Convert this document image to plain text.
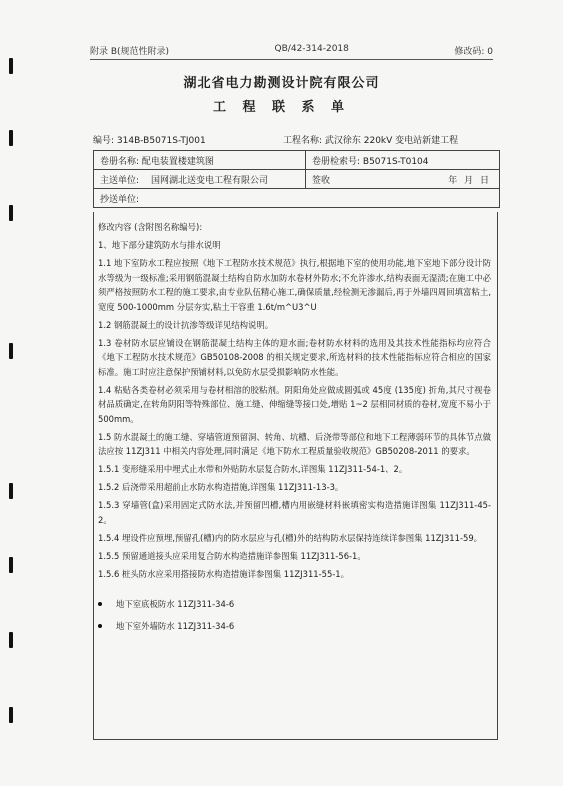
附录 B(规范性附录)	QB/42-314-2018	修改码: 0
湖北省电力勘测设计院有限公司
工 程 联 系 单
编号: 314B-B5071S-TJ001	工程名称: 武汉徐东 220kV 变电站新建工程
卷册名称: 配电装置楼建筑图	卷册检索号: B5071S-T0104
主送单位: 国网湖北送变电工程有限公司	签收	年 月 日
抄送单位:

修改内容 (含附图名称编号):

1、地下部分建筑防水与排水说明

1.1 地下室防水工程应按照《地下工程防水技术规范》执行,根据地下室的使用功能,地下室地下部分设计防水等级为一级标准;采用钢筋混凝土结构自防水加防水卷材外防水;不允许渗水,结构表面无湿渍;在施工中必须严格按照防水工程的施工要求,由专业队伍精心施工,确保质量,经检测无渗漏后,再于外墙四周回填富粘土,宽度 500-1000mm 分层夯实,粘土干容重 1.6t/m^U3^U

1.2 钢筋混凝土的设计抗渗等级详见结构说明。

1.3 卷材防水层应铺设在钢筋混凝土结构主体的迎水面;卷材防水材料的选用及其技术性能指标均应符合《地下工程防水技术规范》GB50108-2008 的相关规定要求,所选材料的技术性能指标应符合相应的国家标准。施工时应注意保护预铺材料,以免防水层受损影响防水性能。

1.4 粘贴各类卷材必须采用与卷材相溶的胶粘剂。阴阳角处应做成圆弧或 45度 (135度) 折角,其尺寸视卷材品质确定,在转角阴阳等特殊部位、施工缝、伸缩缝等接口处,增贴 1~2 层相同材质的卷材,宽度不易小于 500mm。

1.5 防水混凝土的施工缝、穿墙管道预留洞、转角、坑槽、后浇带等部位和地下工程薄弱环节的具体节点做法应按 11ZJ311 中相关内容处理,同时满足《地下防水工程质量验收规范》GB50208-2011 的要求。

1.5.1 变形缝采用中埋式止水带和外贴防水层复合防水,详图集 11ZJ311-54-1、2。

1.5.2 后浇带采用超前止水防水构造措施,详图集 11ZJ311-13-3。

1.5.3 穿墙管(盒)采用固定式防水法,并预留凹槽,槽内用嵌缝材料嵌填密实构造措施详图集 11ZJ311-45-2。

1.5.4 埋设件应预埋,预留孔(槽)内的防水层应与孔(槽)外的结构防水层保持连续详参图集 11ZJ311-59。

1.5.5 预留通道接头应采用复合防水构造措施详参图集 11ZJ311-56-1。

1.5.6 桩头防水应采用搭接防水构造措施详参图集 11ZJ311-55-1。

地下室底板防水 11ZJ311-34-6
地下室外墙防水 11ZJ311-34-6
